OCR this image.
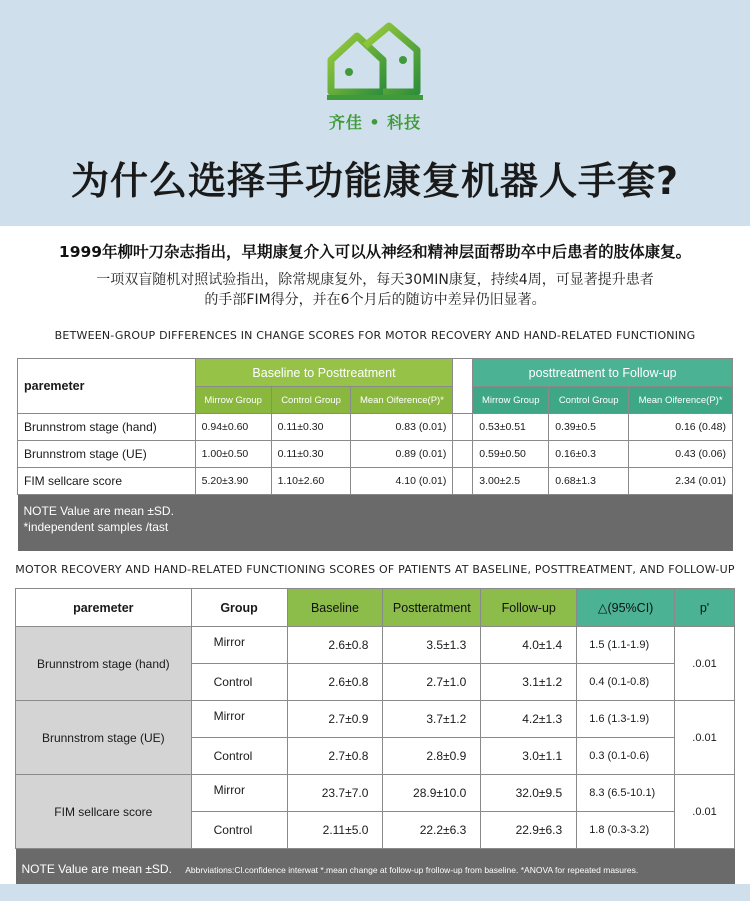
齐佳 • 科技
为什么选择手功能康复机器人手套?
1999年柳叶刀杂志指出，早期康复介入可以从神经和精神层面帮助卒中后患者的肢体康复。
一项双盲随机对照试验指出，除常规康复外，每天30MIN康复，持续4周，可显著提升患者
的手部FIM得分，并在6个月后的随访中差异仍旧显著。
BETWEEN-GROUP DIFFERENCES IN CHANGE SCORES FOR MOTOR RECOVERY AND HAND-RELATED FUNCTIONING
paremeter	Baseline to Posttreatment				posttreatment to Follow-up		
	Mirrow Group	Control Group	Mean Oiference(P)*		Mirrow Group	Control Group	Mean Oiference(P)*
Brunnstrom stage (hand)	0.94±0.60	0.11±0.30	0.83 (0.01)		0.53±0.51	0.39±0.5	0.16 (0.48)
Brunnstrom stage (UE)	1.00±0.50	0.11±0.30	0.89 (0.01)		0.59±0.50	0.16±0.3	0.43 (0.06)
FIM sellcare score	5.20±3.90	1.10±2.60	4.10 (0.01)		3.00±2.5	0.68±1.3	2.34 (0.01)

NOTE Value are mean ±SD.
*independent samples /tast							
MOTOR RECOVERY AND HAND-RELATED FUNCTIONING SCORES OF PATIENTS AT BASELINE, POSTTREATMENT, AND FOLLOW-UP
paremeter	Group	Baseline	Postteratment	Follow-up	△(95%CI)	p'
Brunnstrom stage (hand)	Mirror	2.6±0.8	3.5±1.3	4.0±1.4	1.5 (1.1-1.9)	.0.01
	Control	2.6±0.8	2.7±1.0	3.1±1.2	0.4 (0.1-0.8)	
Brunnstrom stage (UE)	Mirror	2.7±0.9	3.7±1.2	4.2±1.3	1.6 (1.3-1.9)	.0.01
	Control	2.7±0.8	2.8±0.9	3.0±1.1	0.3 (0.1-0.6)	
FIM sellcare score	Mirror	23.7±7.0	28.9±10.0	32.0±9.5	8.3 (6.5-10.1)	.0.01
	Control	2.11±5.0	22.2±6.3	22.9±6.3	1.8 (0.3-3.2)	
NOTE Value are mean ±SD. Abbrviations:Cl.confidence interwat *.mean change at follow-up frollow-up from baseline. *ANOVA for repeated masures.						
